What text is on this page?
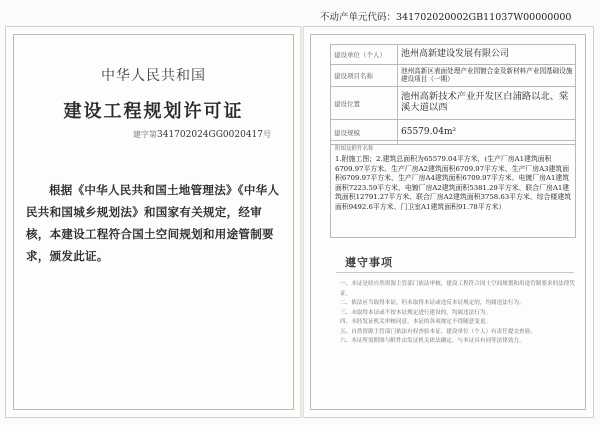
不动产单元代码：341702020002GB11037W00000000
中华人民共和国
建设工程规划许可证
建字第341702024GG0020417号
根据《中华人民共和国土地管理法》《中华人民共和国城乡规划法》和国家有关规定，经审核，本建设工程符合国土空间规划和用途管制要求，颁发此证。
建设单位（个人）	池州高新建设发展有限公司
建设项目名称	池州高新区表面处理产业园镀合金及新材料产业园基础设施建设项目（一期）
建设位置	池州高新技术产业开发区白浦路以北、棠溪大道以西
建设规模	65579.04m²
附图及附件名称
1.附施工图；2.建筑总面积为65579.04平方米，(生产厂房A1建筑面积6709.97平方米、生产厂房A2建筑面积6709.97平方米、生产厂房A3建筑面积6709.97平方米、生产厂房A4建筑面积6709.97平方米、电镀厂房A1建筑面积7223.59平方米、电镀厂房A2建筑面积5381.29平方米、联合厂房A1建筑面积12791.27平方米、联合厂房A2建筑面积3758.63平方米、综合楼建筑面积9492.6平方米、门卫室A1建筑面积91.78平方米）
遵守事项
一、本证是经自然资源主管部门依法审核，建设工程符合国土空间规划和用途管制要求的法律凭证。
二、依法应当取得本证，但未取得本证或违反本证规定的，均属违法行为。
三、未取得本证或不按本证规定进行建设的，均属违法行为。
四、未经发证机关审核同意，本证的各项规定不得随意变更。
五、自然资源主管部门依法有权查验本证，建设单位（个人）有责任提交查验。
六、本证所需附图与附件由发证机关依法确定，与本证具有同等法律效力。
